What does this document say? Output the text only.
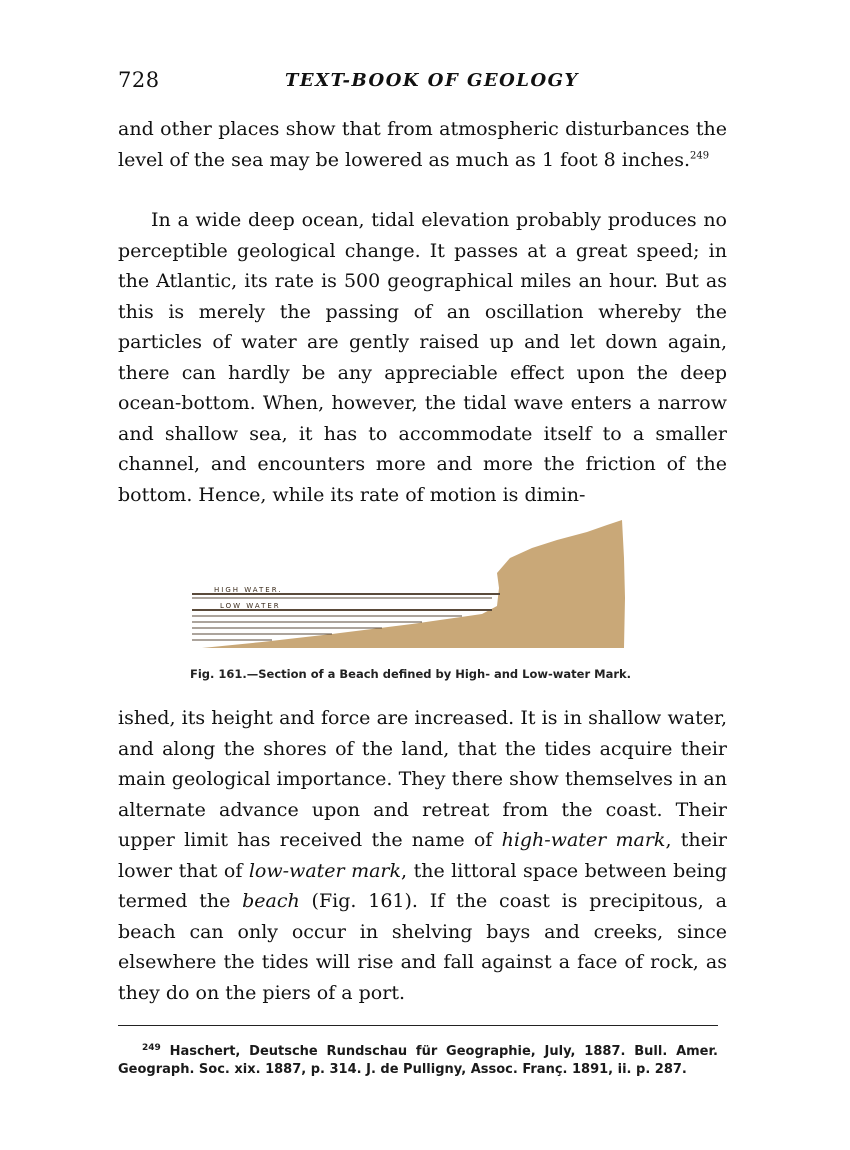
728	TEXT-BOOK OF GEOLOGY

and other places show that from atmospheric disturbances the level of the sea may be lowered as much as 1 foot 8 inches.$^{249}$

In a wide deep ocean, tidal elevation probably produces no perceptible geological change. It passes at a great speed; in the Atlantic, its rate is 500 geographical miles an hour. But as this is merely the passing of an oscillation whereby the particles of water are gently raised up and let down again, there can hardly be any appreciable effect upon the deep ocean-bottom. When, however, the tidal wave enters a narrow and shallow sea, it has to accommodate itself to a smaller channel, and encounters more and more the friction of the bottom. Hence, while its rate of motion is dimin-

HIGH WATER.
LOW WATER
Fig. 161.—Section of a Beach defined by High- and Low-water Mark.

ished, its height and force are increased. It is in shallow water, and along the shores of the land, that the tides acquire their main geological importance. They there show themselves in an alternate advance upon and retreat from the coast. Their upper limit has received the name of high-water mark, their lower that of low-water mark, the littoral space between being termed the beach (Fig. 161). If the coast is precipitous, a beach can only occur in shelving bays and creeks, since elsewhere the tides will rise and fall against a face of rock, as they do on the piers of a port.

$^{249}$ Haschert, Deutsche Rundschau für Geographie, July, 1887. Bull. Amer. Geograph. Soc. xix. 1887, p. 314. J. de Pulligny, Assoc. Franç. 1891, ii. p. 287.
